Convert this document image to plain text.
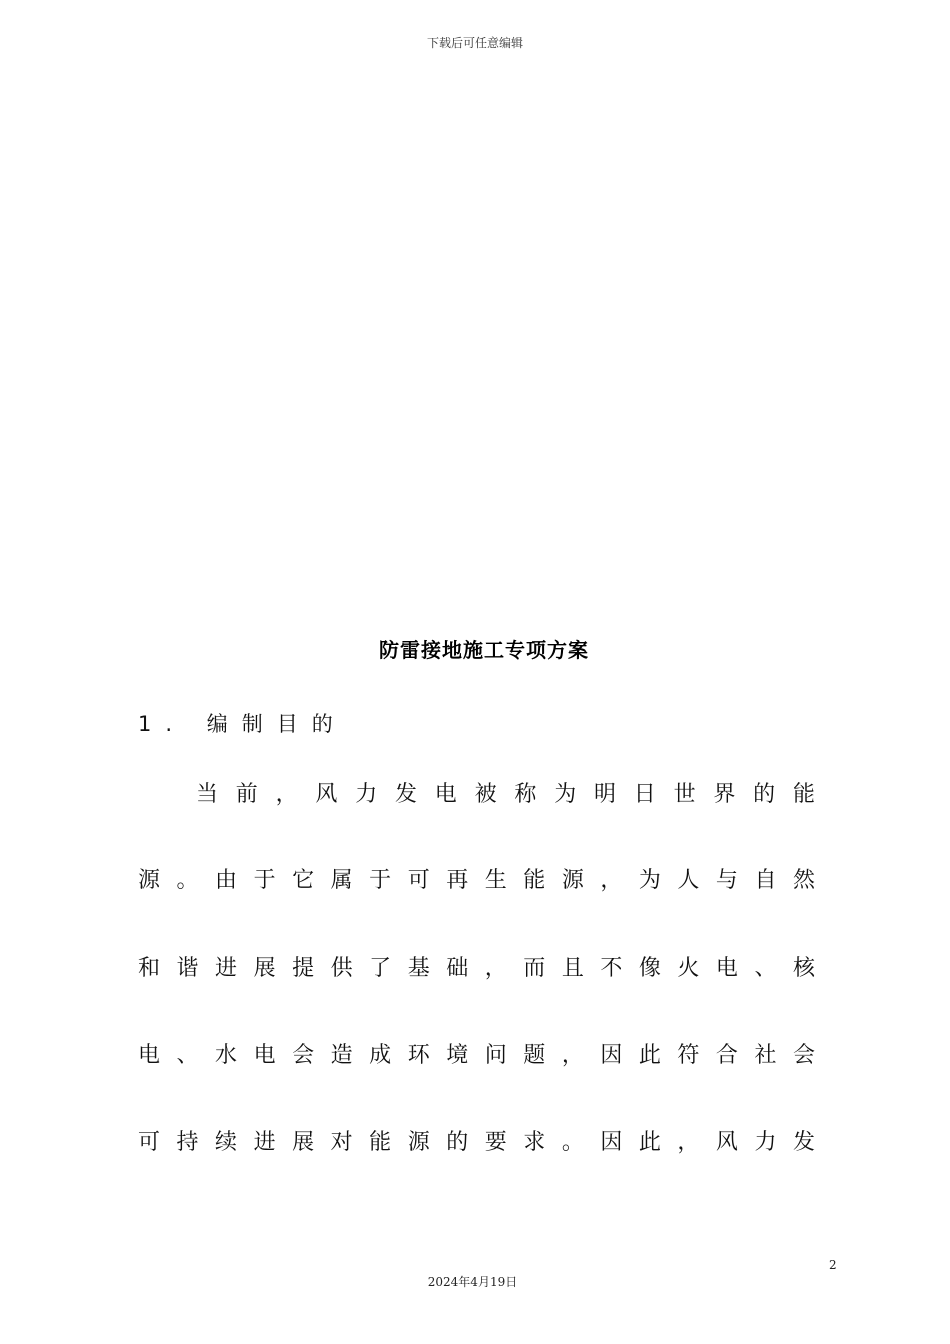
下载后可任意编辑
防雷接地施工专项方案
1. 编制目的
当前，风力发电被称为明日世界的能
源。由于它属于可再生能源，为人与自然
和谐进展提供了基础，而且不像火电、核
电、水电会造成环境问题，因此符合社会
可持续进展对能源的要求。因此，风力发
2
2024年4月19日
